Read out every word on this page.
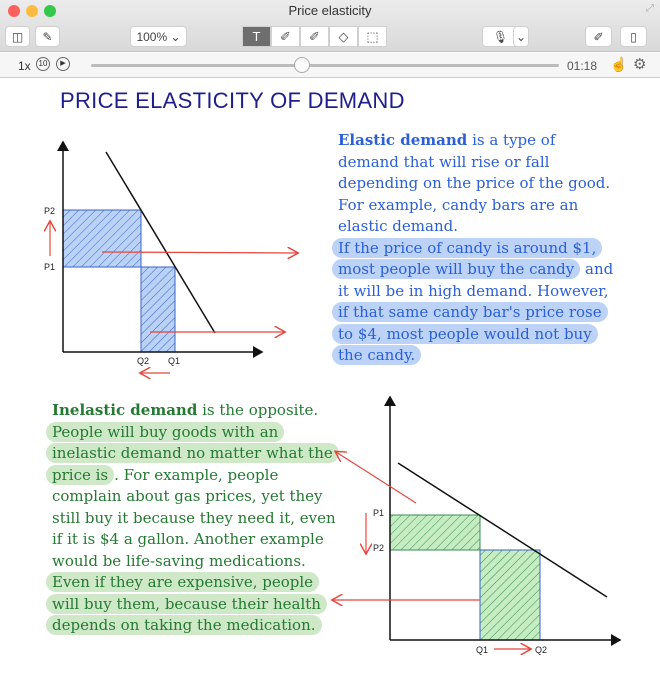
Price elasticity	⤢
◫	✎	100% ⌄	T	✐	✐	◇	⬚	🎙 ⌄	✐	▯
1x 10	▶	01:18 ☝ ⚙
PRICE ELASTICITY OF DEMAND
Elastic demand is a type of
demand that will rise or fall
depending on the price of the good.
For example, candy bars are an
elastic demand.
If the price of candy is around $1,
most people will buy the candy and
it will be in high demand. However,
if that same candy bar's price rose
to $4, most people would not buy
the candy.
Inelastic demand is the opposite.
People will buy goods with an
inelastic demand no matter what the
price is . For example, people
complain about gas prices, yet they
still buy it because they need it, even
if it is $4 a gallon. Another example
would be life-saving medications.
Even if they are expensive, people
will buy them, because their health
depends on taking the medication.
P2
P1
Q2 Q1
P1
P2
Q1	Q2
